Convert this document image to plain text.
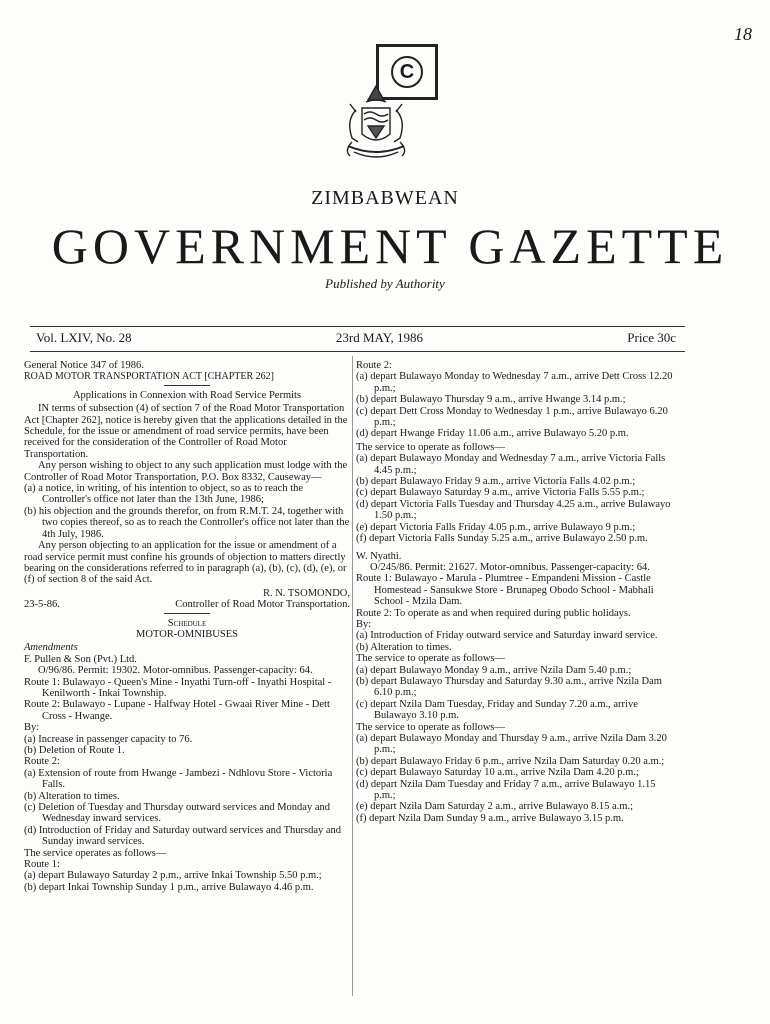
18
C
ZIMBABWEAN
GOVERNMENT GAZETTE
Published by Authority
Vol. LXIV, No. 28	23rd MAY, 1986	Price 30c

General Notice 347 of 1986.

ROAD MOTOR TRANSPORTATION ACT [CHAPTER 262]

Applications in Connexion with Road Service Permits

IN terms of subsection (4) of section 7 of the Road Motor Transportation Act [Chapter 262], notice is hereby given that the applications detailed in the Schedule, for the issue or amendment of road service permits, have been received for the consideration of the Controller of Road Motor Transportation.

Any person wishing to object to any such application must lodge with the Controller of Road Motor Transportation, P.O. Box 8332, Causeway—

(a) a notice, in writing, of his intention to object, so as to reach the Controller's office not later than the 13th June, 1986;

(b) his objection and the grounds therefor, on from R.M.T. 24, together with two copies thereof, so as to reach the Controller's office not later than the 4th July, 1986.

Any person objecting to an application for the issue or amendment of a road service permit must confine his grounds of objection to matters directly bearing on the considerations referred to in paragraph (a), (b), (c), (d), (e), or (f) of section 8 of the said Act.

R. N. TSOMONDO,

23-5-86.	Controller of Road Motor Transportation.

Schedule

MOTOR-OMNIBUSES

Amendments

F. Pullen & Son (Pvt.) Ltd.

O/96/86. Permit: 19302. Motor-omnibus. Passenger-capacity: 64.

Route 1: Bulawayo - Queen's Mine - Inyathi Turn-off - Inyathi Hospital - Kenilworth - Inkai Township.

Route 2: Bulawayo - Lupane - Halfway Hotel - Gwaai River Mine - Dett Cross - Hwange.

By:

(a) Increase in passenger capacity to 76.

(b) Deletion of Route 1.

Route 2:

(a) Extension of route from Hwange - Jambezi - Ndhlovu Store - Victoria Falls.

(b) Alteration to times.

(c) Deletion of Tuesday and Thursday outward services and Monday and Wednesday inward services.

(d) Introduction of Friday and Saturday outward services and Thursday and Sunday inward services.

The service operates as follows—

Route 1:

(a) depart Bulawayo Saturday 2 p.m., arrive Inkai Township 5.50 p.m.;

(b) depart Inkai Township Sunday 1 p.m., arrive Bulawayo 4.46 p.m.

Route 2:

(a) depart Bulawayo Monday to Wednesday 7 a.m., arrive Dett Cross 12.20 p.m.;

(b) depart Bulawayo Thursday 9 a.m., arrive Hwange 3.14 p.m.;

(c) depart Dett Cross Monday to Wednesday 1 p.m., arrive Bulawayo 6.20 p.m.;

(d) depart Hwange Friday 11.06 a.m., arrive Bulawayo 5.20 p.m.

The service to operate as follows—

(a) depart Bulawayo Monday and Wednesday 7 a.m., arrive Victoria Falls 4.45 p.m.;

(b) depart Bulawayo Friday 9 a.m., arrive Victoria Falls 4.02 p.m.;

(c) depart Bulawayo Saturday 9 a.m., arrive Victoria Falls 5.55 p.m.;

(d) depart Victoria Falls Tuesday and Thursday 4.25 a.m., arrive Bulawayo 1.50 p.m.;

(e) depart Victoria Falls Friday 4.05 p.m., arrive Bulawayo 9 p.m.;

(f) depart Victoria Falls Sunday 5.25 a.m., arrive Bulawayo 2.50 p.m.

W. Nyathi.

O/245/86. Permit: 21627. Motor-omnibus. Passenger-capacity: 64.

Route 1: Bulawayo - Marula - Plumtree - Empandeni Mission - Castle Homestead - Sansukwe Store - Brunapeg Obodo School - Mabhali School - Mzila Dam.

Route 2: To operate as and when required during public holidays.

By:

(a) Introduction of Friday outward service and Saturday inward service.

(b) Alteration to times.

The service to operate as follows—

(a) depart Bulawayo Monday 9 a.m., arrive Nzila Dam 5.40 p.m.;

(b) depart Bulawayo Thursday and Saturday 9.30 a.m., arrive Nzila Dam 6.10 p.m.;

(c) depart Nzila Dam Tuesday, Friday and Sunday 7.20 a.m., arrive Bulawayo 3.10 p.m.

The service to operate as follows—

(a) depart Bulawayo Monday and Thursday 9 a.m., arrive Nzila Dam 3.20 p.m.;

(b) depart Bulawayo Friday 6 p.m., arrive Nzila Dam Saturday 0.20 a.m.;

(c) depart Bulawayo Saturday 10 a.m., arrive Nzila Dam 4.20 p.m.;

(d) depart Nzila Dam Tuesday and Friday 7 a.m., arrive Bulawayo 1.15 p.m.;

(e) depart Nzila Dam Saturday 2 a.m., arrive Bulawayo 8.15 a.m.;

(f) depart Nzila Dam Sunday 9 a.m., arrive Bulawayo 3.15 p.m.
